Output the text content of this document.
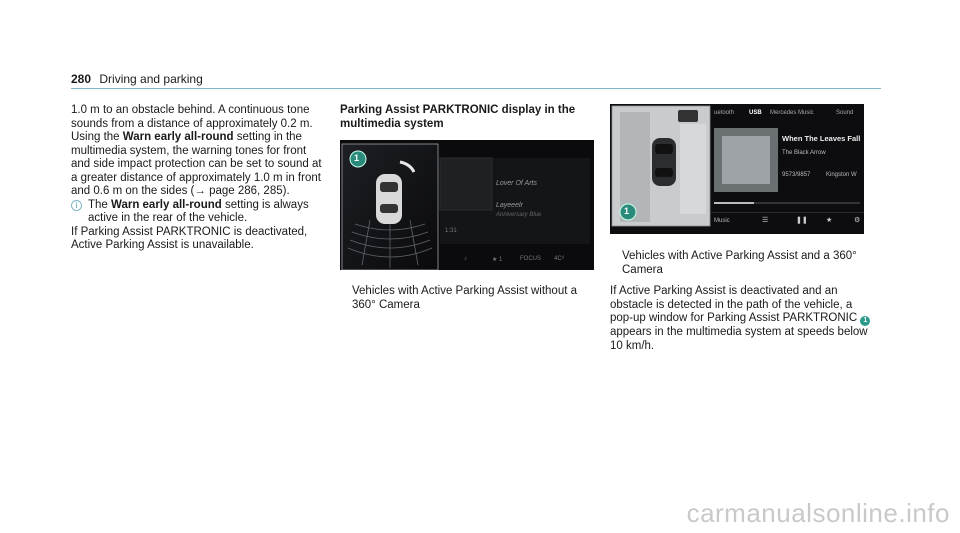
280 Driving and parking

1.0 m to an obstacle behind. A continuous tone sounds from a distance of approximately 0.2 m. Using the Warn early all-round setting in the multimedia system, the warning tones for front and side impact protection can be set to sound at a greater distance of approximately 1.0 m in front and 0.6 m on the sides (→ page 286, 285).

i The Warn early all-round setting is always active in the rear of the vehicle.

If Parking Assist PARKTRONIC is deactivated, Active Parking Assist is unavailable.

Parking Assist PARKTRONIC display in the multimedia system
1
Lover Of Arts
Layeeelr
Anniversary Blue
1:31
♪	★ 1	FOCUS 4Cᵈ
Vehicles with Active Parking Assist without a 360° Camera
1
uetooth USB Mercedes Music	Sound
When The Leaves Fall
The Black Arrow
9573/9857	Kingston W
Music	☰	❚❚	★	⚙
Vehicles with Active Parking Assist and a 360° Camera
If Active Parking Assist is deactivated and an obstacle is detected in the path of the vehicle, a pop-up window for Parking Assist PARKTRONIC 1 appears in the multimedia system at speeds below 10 km/h.
carmanualsonline.info
